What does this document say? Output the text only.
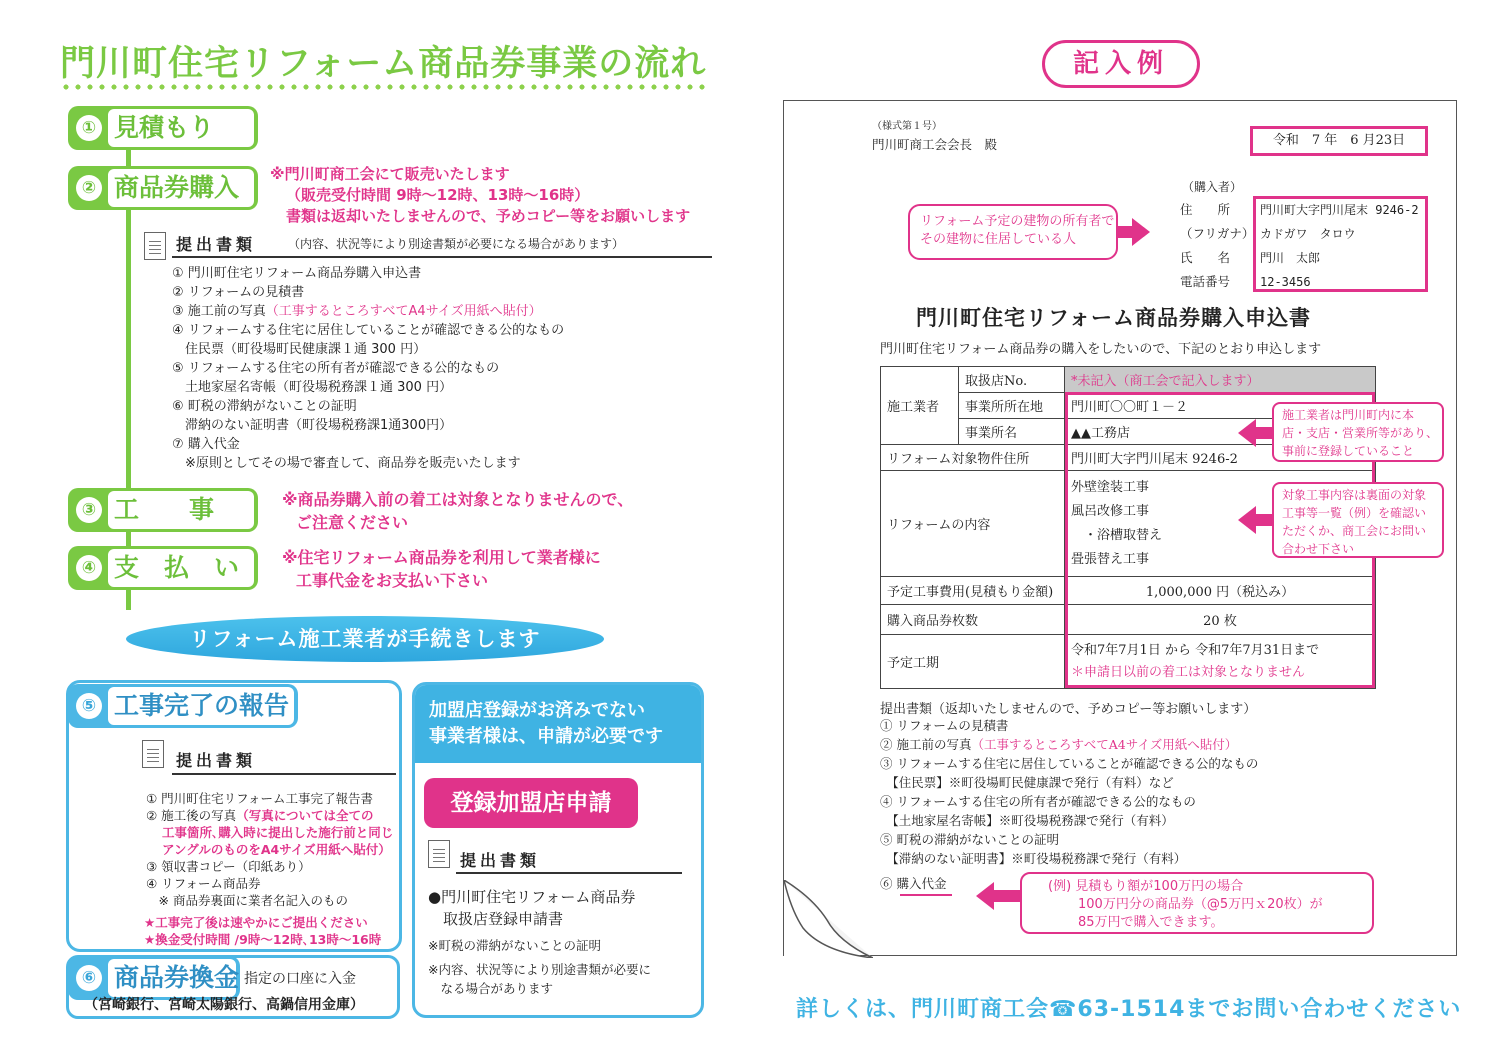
門川町住宅リフォーム商品券事業の流れ
① 見積もり
② 商品券購入	※門川町商工会にて販売いたします
（販売受付時間 9時〜12時、13時〜16時）
書類は返却いたしませんので、予めコピー等をお願いします
提出書類	（内容、状況等により別途書類が必要になる場合があります）
① 門川町住宅リフォーム商品券購入申込書
② リフォームの見積書
③ 施工前の写真（工事するところすべてA4サイズ用紙へ貼付）
④ リフォームする住宅に居住していることが確認できる公的なもの
　住民票（町役場町民健康課１通 300 円）
⑤ リフォームする住宅の所有者が確認できる公的なもの
　土地家屋名寄帳（町役場税務課１通 300 円）
⑥ 町税の滞納がないことの証明
　滞納のない証明書（町役場税務課1通300円）
⑦ 購入代金
　※原則としてその場で審査して、商品券を販売いたします
③ 工　　事	※商品券購入前の着工は対象となりませんので、
ご注意ください
④ 支　払　い	※住宅リフォーム商品券を利用して業者様に
工事代金をお支払い下さい
リフォーム施工業者が手続きします
⑤ 工事完了の報告
提出書類
① 門川町住宅リフォーム工事完了報告書
② 施工後の写真（写真については全ての
工事箇所､購入時に提出した施行前と同じ
アングルのものをA4サイズ用紙へ貼付）
③ 領収書コピー（印紙あり）
④ リフォーム商品券
　※ 商品券裏面に業者名記入のもの
★工事完了後は速やかにご提出ください
★換金受付時間 /9時〜12時､13時〜16時
⑥ 商品券換金 指定の口座に入金
（宮崎銀行、宮崎太陽銀行、高鍋信用金庫）
加盟店登録がお済みでない
事業者様は、申請が必要です
登録加盟店申請
提出書類
●門川町住宅リフォーム商品券
　取扱店登録申請書
※町税の滞納がないことの証明
※内容、状況等により別途書類が必要に
　なる場合があります
記入例
（様式第１号）
門川町商工会会長　殿	令和　7 年　6 月23日
（購入者）
住　　所	門川町大字門川尾末 9246-2
（フリガナ） カドガワ　タロウ
氏　　名	門川　太郎
電話番号	12-3456
リフォーム予定の建物の所有者で
その建物に住居している人
門川町住宅リフォーム商品券購入申込書
門川町住宅リフォーム商品券の購入をしたいので、下記のとおり申込します
施工業者	取扱店No.	*未記入（商工会で記入します）
	事業所所在地	門川町〇〇町１－２
	事業所名	▲▲工務店
リフォーム対象物件住所		門川町大字門川尾末 9246-2
リフォームの内容		外壁塗装工事
風呂改修工事
　・浴槽取替え
畳張替え工事

予定工事費用(見積もり金額)		1,000,000 円（税込み）
購入商品券枚数		20 枚
予定工期		令和7年7月1日 から 令和7年7月31日まで
＊申請日以前の着工は対象となりません
施工業者は門川町内に本
店・支店・営業所等があり、
事前に登録していること
対象工事内容は裏面の対象
工事等一覧（例）を確認い
ただくか、商工会にお問い
合わせ下さい
提出書類（返却いたしませんので、予めコピー等お願いします）
① リフォームの見積書
② 施工前の写真（工事するところすべてA4サイズ用紙へ貼付）
③ リフォームする住宅に居住していることが確認できる公的なもの
　【住民票】※町役場町民健康課で発行（有料）など
④ リフォームする住宅の所有者が確認できる公的なもの
　【土地家屋名寄帳】※町役場税務課で発行（有料）
⑤ 町税の滞納がないことの証明
　【滞納のない証明書】※町役場税務課で発行（有料）
⑥ 購入代金	(例) 見積もり額が100万円の場合
100万円分の商品券（@5万円ｘ20枚）が
85万円で購入できます。
詳しくは、門川町商工会☎63-1514までお問い合わせください
